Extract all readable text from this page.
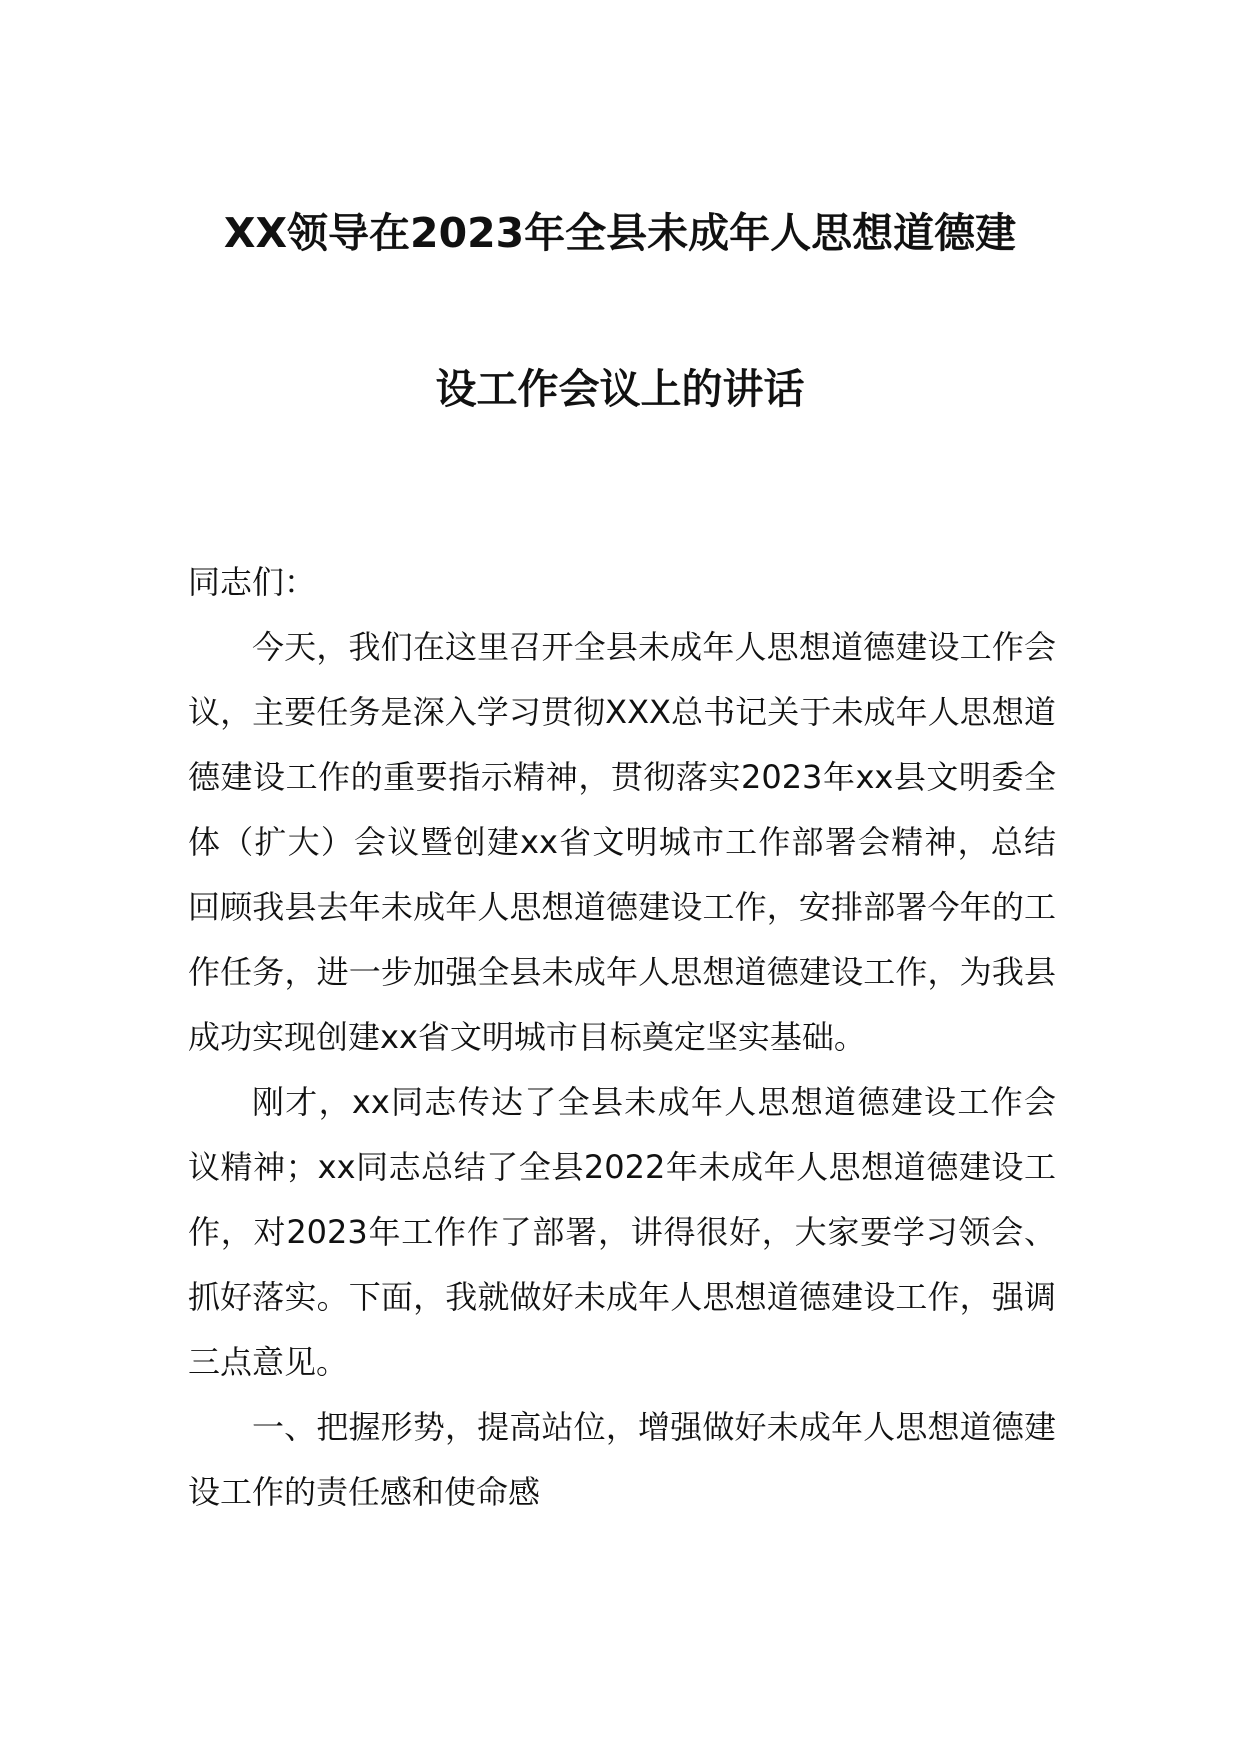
XX领导在2023年全县未成年人思想道德建
设工作会议上的讲话

同志们：

今天，我们在这里召开全县未成年人思想道德建设工作会议，主要任务是深入学习贯彻XXX总书记关于未成年人思想道德建设工作的重要指示精神，贯彻落实2023年xx县文明委全体（扩大）会议暨创建xx省文明城市工作部署会精神，总结回顾我县去年未成年人思想道德建设工作，安排部署今年的工作任务，进一步加强全县未成年人思想道德建设工作，为我县成功实现创建xx省文明城市目标奠定坚实基础。

刚才，xx同志传达了全县未成年人思想道德建设工作会议精神；xx同志总结了全县2022年未成年人思想道德建设工作，对2023年工作作了部署，讲得很好，大家要学习领会、抓好落实。下面，我就做好未成年人思想道德建设工作，强调三点意见。

一、把握形势，提高站位，增强做好未成年人思想道德建设工作的责任感和使命感
